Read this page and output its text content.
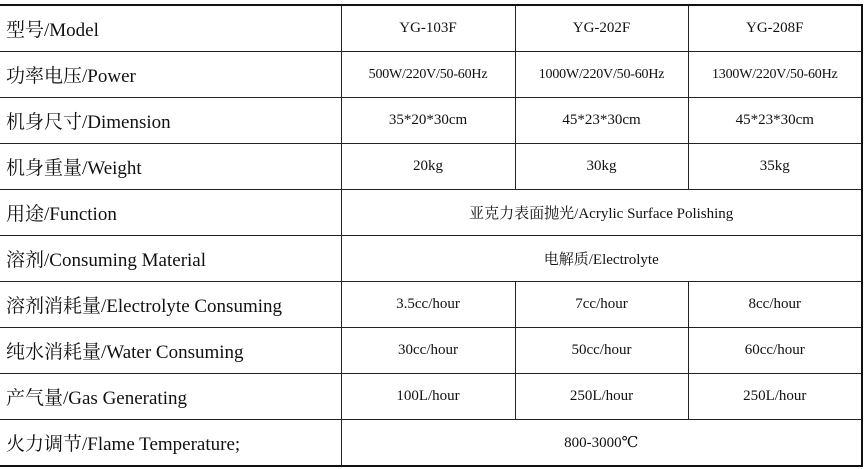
型号/Model	YG-103F	YG-202F	YG-208F
功率电压/Power	500W/220V/50-60Hz	1000W/220V/50-60Hz	1300W/220V/50-60Hz
机身尺寸/Dimension	35*20*30cm	45*23*30cm	45*23*30cm
机身重量/Weight	20kg	30kg	35kg
用途/Function	亚克力表面抛光/Acrylic Surface Polishing		
溶剂/Consuming Material	电解质/Electrolyte		
溶剂消耗量/Electrolyte Consuming	3.5cc/hour	7cc/hour	8cc/hour
纯水消耗量/Water Consuming	30cc/hour	50cc/hour	60cc/hour
产气量/Gas Generating	100L/hour	250L/hour	250L/hour
火力调节/Flame Temperature;	800-3000℃		
